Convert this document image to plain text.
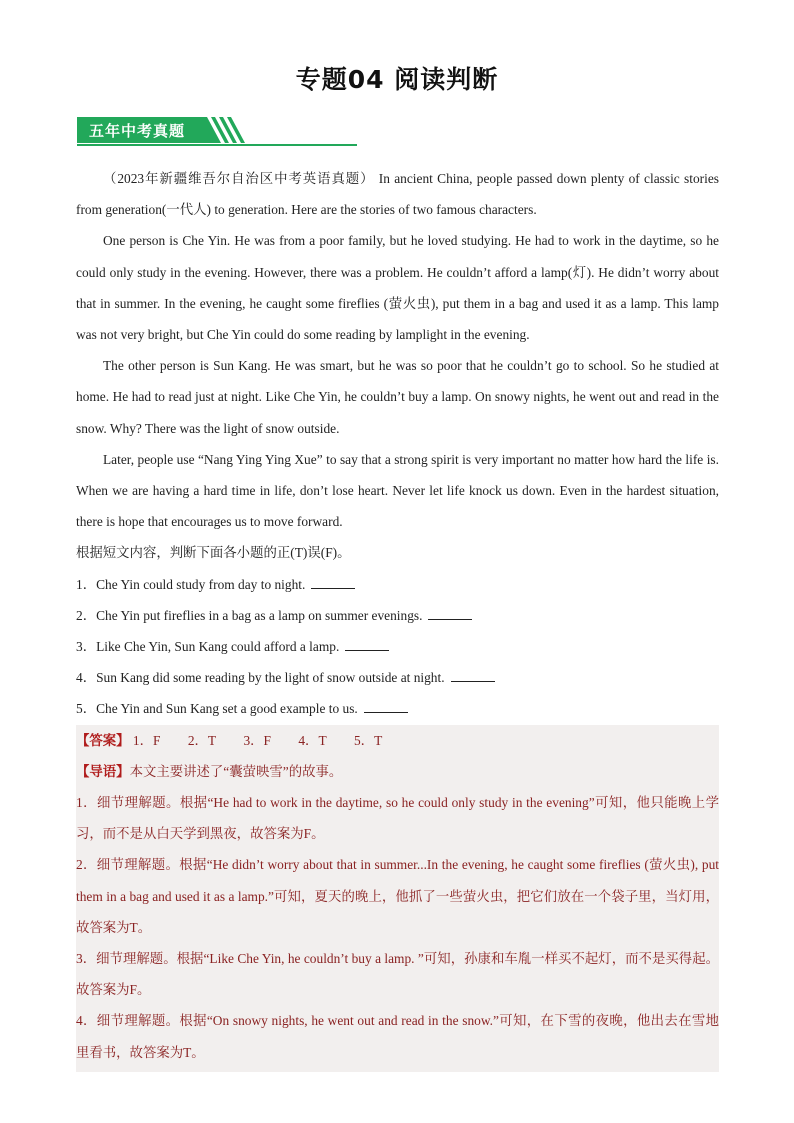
专题04 阅读判断
五年中考真题

（2023年新疆维吾尔自治区中考英语真题） In ancient China, people passed down plenty of classic stories from generation(一代人) to generation. Here are the stories of two famous characters.

One person is Che Yin. He was from a poor family, but he loved studying. He had to work in the daytime, so he could only study in the evening. However, there was a problem. He couldn’t afford a lamp(灯). He didn’t worry about that in summer. In the evening, he caught some fireflies (萤火虫), put them in a bag and used it as a lamp. This lamp was not very bright, but Che Yin could do some reading by lamplight in the evening.

The other person is Sun Kang. He was smart, but he was so poor that he couldn’t go to school. So he studied at home. He had to read just at night. Like Che Yin, he couldn’t buy a lamp. On snowy nights, he went out and read in the snow. Why? There was the light of snow outside.

Later, people use “Nang Ying Ying Xue” to say that a strong spirit is very important no matter how hard the life is. When we are having a hard time in life, don’t lose heart. Never let life knock us down. Even in the hardest situation, there is hope that encourages us to move forward.

根据短文内容，判断下面各小题的正(T)误(F)。

1．Che Yin could study from day to night.

2．Che Yin put fireflies in a bag as a lamp on summer evenings.

3．Like Che Yin, Sun Kang could afford a lamp.

4．Sun Kang did some reading by the light of snow outside at night.

5．Che Yin and Sun Kang set a good example to us.

【答案】 1．F 2．T 3．F 4．T 5．T

【导语】本文主要讲述了“囊萤映雪”的故事。

1．细节理解题。根据“He had to work in the daytime, so he could only study in the evening”可知，他只能晚上学习，而不是从白天学到黑夜，故答案为F。

2．细节理解题。根据“He didn’t worry about that in summer...In the evening, he caught some fireflies (萤火虫), put them in a bag and used it as a lamp.”可知，夏天的晚上，他抓了一些萤火虫，把它们放在一个袋子里，当灯用，故答案为T。

3．细节理解题。根据“Like Che Yin, he couldn’t buy a lamp. ”可知，孙康和车胤一样买不起灯，而不是买得起。故答案为F。

4．细节理解题。根据“On snowy nights, he went out and read in the snow.”可知，在下雪的夜晚，他出去在雪地里看书，故答案为T。
